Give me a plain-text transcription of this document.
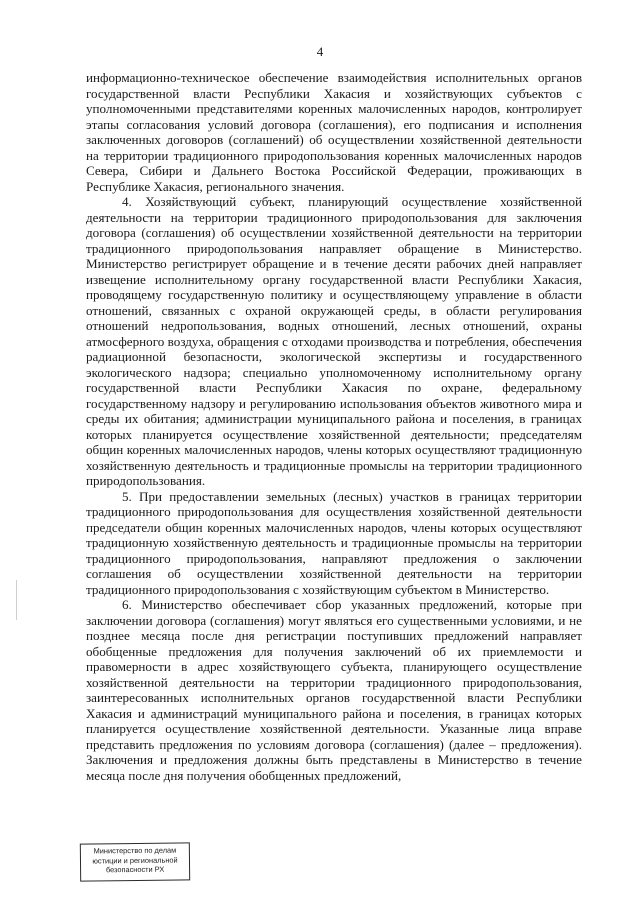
4

информационно-техническое обеспечение взаимодействия исполнительных органов государственной власти Республики Хакасия и хозяйствующих субъектов с уполномоченными представителями коренных малочисленных народов, контролирует этапы согласования условий договора (соглашения), его подписания и исполнения заключенных договоров (соглашений) об осуществлении хозяйственной деятельности на территории традиционного природопользования коренных малочисленных народов Севера, Сибири и Дальнего Востока Российской Федерации, проживающих в Республике Хакасия, регионального значения.

4. Хозяйствующий субъект, планирующий осуществление хозяйственной деятельности на территории традиционного природопользования для заключения договора (соглашения) об осуществлении хозяйственной деятельности на территории традиционного природопользования направляет обращение в Министерство. Министерство регистрирует обращение и в течение десяти рабочих дней направляет извещение исполнительному органу государственной власти Республики Хакасия, проводящему государственную политику и осуществляющему управление в области отношений, связанных с охраной окружающей среды, в области регулирования отношений недропользования, водных отношений, лесных отношений, охраны атмосферного воздуха, обращения с отходами производства и потребления, обеспечения радиационной безопасности, экологической экспертизы и государственного экологического надзора; специально уполномоченному исполнительному органу государственной власти Республики Хакасия по охране, федеральному государственному надзору и регулированию использования объектов животного мира и среды их обитания; администрации муниципального района и поселения, в границах которых планируется осуществление хозяйственной деятельности; председателям общин коренных малочисленных народов, члены которых осуществляют традиционную хозяйственную деятельность и традиционные промыслы на территории традиционного природопользования.

5. При предоставлении земельных (лесных) участков в границах территории традиционного природопользования для осуществления хозяйственной деятельности председатели общин коренных малочисленных народов, члены которых осуществляют традиционную хозяйственную деятельность и традиционные промыслы на территории традиционного природопользования, направляют предложения о заключении соглашения об осуществлении хозяйственной деятельности на территории традиционного природопользования с хозяйствующим субъектом в Министерство.

6. Министерство обеспечивает сбор указанных предложений, которые при заключении договора (соглашения) могут являться его существенными условиями, и не позднее месяца после дня регистрации поступивших предложений направляет обобщенные предложения для получения заключений об их приемлемости и правомерности в адрес хозяйствующего субъекта, планирующего осуществление хозяйственной деятельности на территории традиционного природопользования, заинтересованных исполнительных органов государственной власти Республики Хакасия и администраций муниципального района и поселения, в границах которых планируется осуществление хозяйственной деятельности. Указанные лица вправе представить предложения по условиям договора (соглашения) (далее – предложения). Заключения и предложения должны быть представлены в Министерство в течение месяца после дня получения обобщенных предложений,

Министерство по делам
юстиции и региональной
безопасности РХ
